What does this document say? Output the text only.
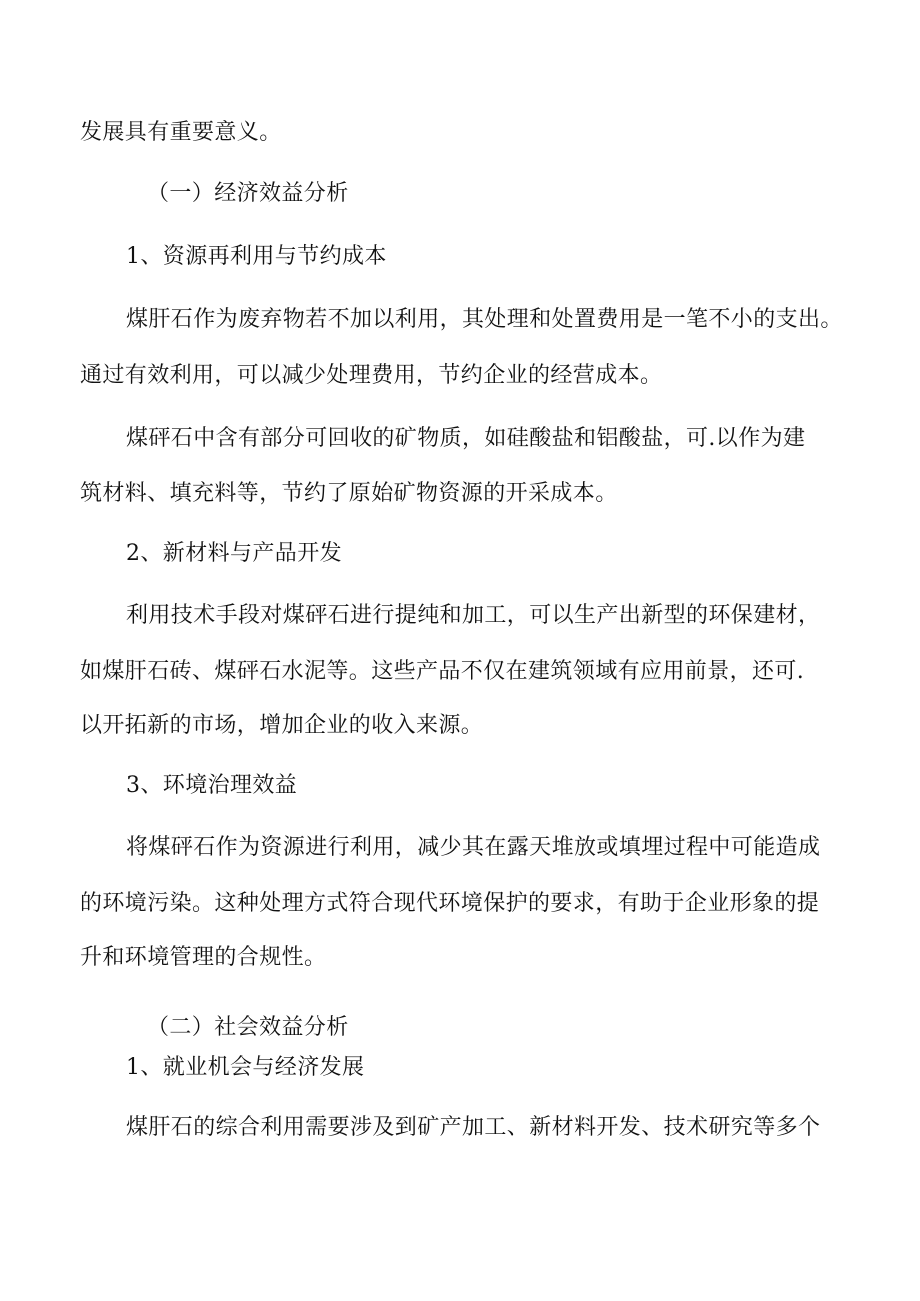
发展具有重要意义。
（一）经济效益分析
1、资源再利用与节约成本
煤肝石作为废弃物若不加以利用，其处理和处置费用是一笔不小的支出。
通过有效利用，可以减少处理费用，节约企业的经营成本。
煤砰石中含有部分可回收的矿物质，如硅酸盐和铝酸盐，可.以作为建
筑材料、填充料等，节约了原始矿物资源的开采成本。
2、新材料与产品开发
利用技术手段对煤砰石进行提纯和加工，可以生产出新型的环保建材，
如煤肝石砖、煤砰石水泥等。这些产品不仅在建筑领域有应用前景，还可.
以开拓新的市场，增加企业的收入来源。
3、环境治理效益
将煤砰石作为资源进行利用，减少其在露天堆放或填埋过程中可能造成
的环境污染。这种处理方式符合现代环境保护的要求，有助于企业形象的提
升和环境管理的合规性。
（二）社会效益分析
1、就业机会与经济发展
煤肝石的综合利用需要涉及到矿产加工、新材料开发、技术研究等多个
